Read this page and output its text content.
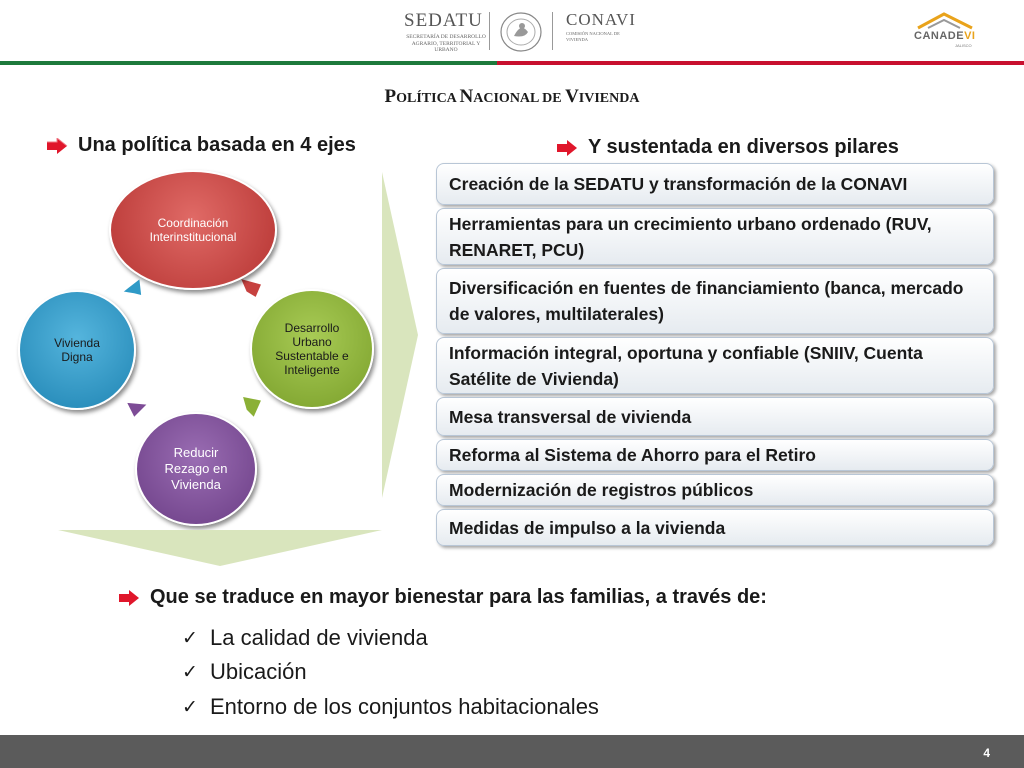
SEDATU
SECRETARÍA DE DESARROLLO AGRARIO, TERRITORIAL Y URBANO
CONAVI
COMISIÓN NACIONAL DE VIVIENDA	CANADEVI
JALISCO
POLÍTICA NACIONAL DE VIVIENDA
Una política basada en 4 ejes	Y sustentada en diversos pilares
Coordinación Interinstitucional
Desarrollo Urbano Sustentable e Inteligente
Reducir Rezago en Vivienda
Vivienda Digna
Creación de la SEDATU y transformación de la CONAVI
Herramientas para un crecimiento urbano ordenado (RUV, RENARET, PCU)
Diversificación en fuentes de financiamiento (banca, mercado de valores, multilaterales)
Información integral, oportuna y confiable (SNIIV, Cuenta Satélite de Vivienda)
Mesa transversal de vivienda
Reforma al Sistema de Ahorro para el Retiro
Modernización de registros públicos
Medidas de impulso a la vivienda
Que se traduce en mayor bienestar para las familias, a través de:
✓ La calidad de vivienda
✓ Ubicación
✓ Entorno de los conjuntos habitacionales
4
